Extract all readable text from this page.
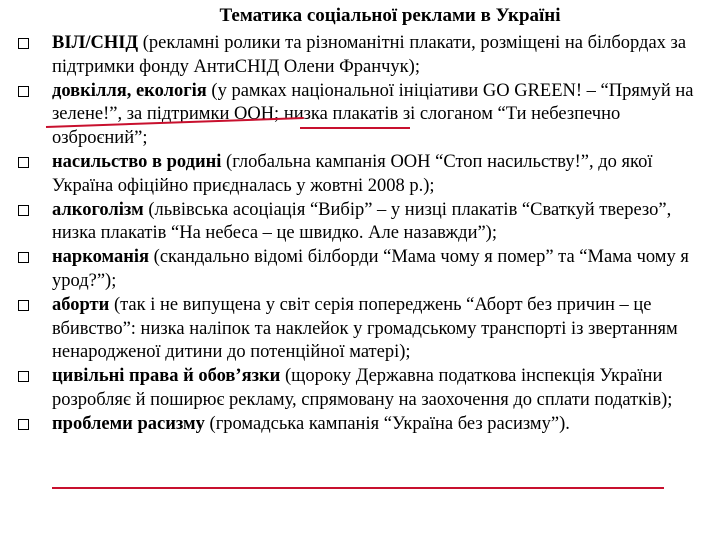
Тематика соціальної реклами в Україні
ВІЛ/СНІД (рекламні ролики та різноманітні плакати, розміщені на білбордах за підтримки фонду АнтиСНІД Олени Франчук);
довкілля, екологія (у рамках національної ініціативи GO GREEN! – “Прямуй на зелене!”, за підтримки ООН; низка плакатів зі слоганом “Ти небезпечно озброєний”;
насильство в родині (глобальна кампанія ООН “Стоп насильству!”, до якої Україна офіційно приєдналась у жовтні 2008 р.);
алкоголізм (львівська асоціація “Вибір” – у низці плакатів “Сваткуй тверезо”, низка плакатів “На небеса – це швидко. Але назавжди”);
наркоманія (скандально відомі білборди “Мама чому я помер” та “Мама чому я урод?”);
аборти (так і не випущена у світ серія попереджень “Аборт без причин – це вбивство”: низка наліпок та наклейок у громадському транспорті із звертанням ненародженої дитини до потенційної матері);
цивільні права й обов’язки (щороку Державна податкова інспекція України розробляє й поширює рекламу, спрямовану на заохочення до сплати податків);
проблеми расизму (громадська кампанія “Україна без расизму”).
